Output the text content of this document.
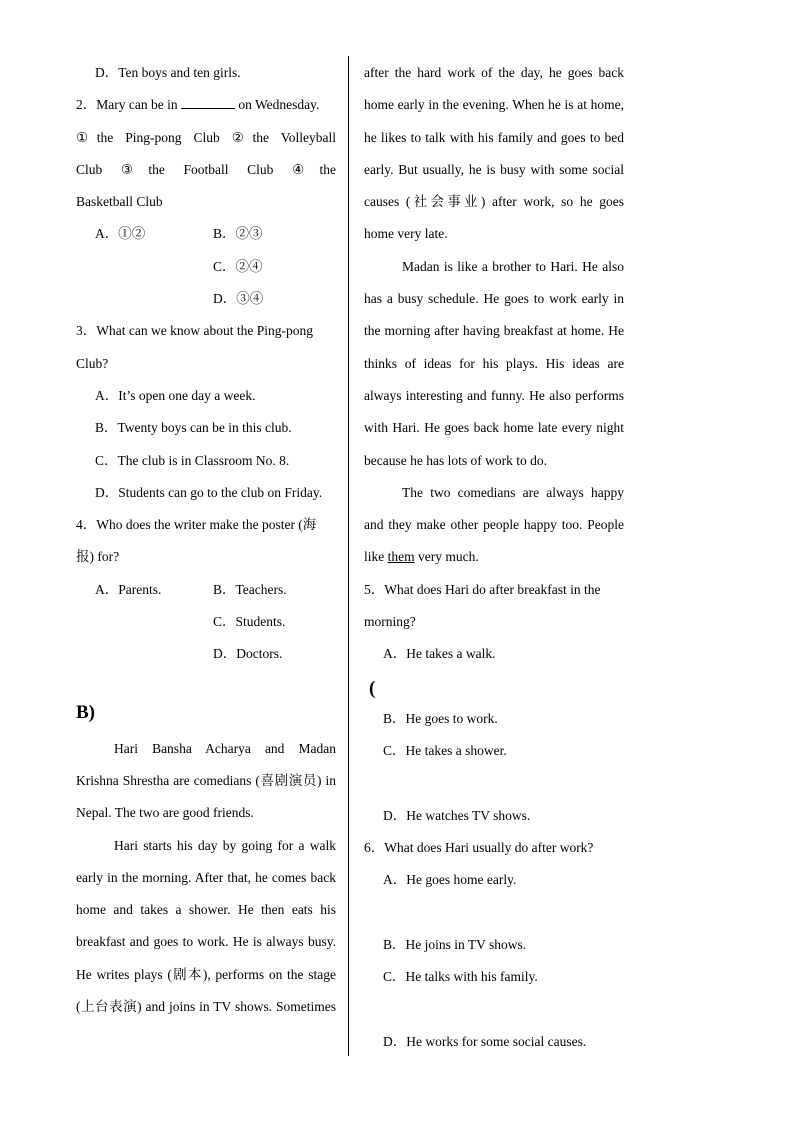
D．Ten boys and ten girls.
2．Mary can be in	on Wednesday.
①the Ping-pong Club ②the Volleyball
Club ③the Football Club ④the
Basketball Club
A．①②	B．②③
C．②④
D．③④
3．What can we know about the Ping-pong
Club?
A．It’s open one day a week.
B．Twenty boys can be in this club.
C．The club is in Classroom No. 8.
D．Students can go to the club on Friday.
4．Who does the writer make the poster (海
报) for?
A．Parents.	B．Teachers.
C．Students.
D．Doctors.
B)
Hari Bansha Acharya and Madan
Krishna Shrestha are comedians (喜剧演员) in
Nepal. The two are good friends.
Hari starts his day by going for a walk
early in the morning. After that, he comes back
home and takes a shower. He then eats his
breakfast and goes to work. He is always busy.
He writes plays (剧本), performs on the stage
(上台表演) and joins in TV shows. Sometimes
after the hard work of the day, he goes back
home early in the evening. When he is at home,
he likes to talk with his family and goes to bed
early. But usually, he is busy with some social
causes (社会事业) after work, so he goes
home very late.
Madan is like a brother to Hari. He also
has a busy schedule. He goes to work early in
the morning after having breakfast at home. He
thinks of ideas for his plays. His ideas are
always interesting and funny. He also performs
with Hari. He goes back home late every night
because he has lots of work to do.
The two comedians are always happy
and they make other people happy too. People
like them very much.
5．What does Hari do after breakfast in the
morning?
A．He takes a walk.
(
B．He goes to work.
C．He takes a shower.
D．He watches TV shows.
6．What does Hari usually do after work?
A．He goes home early.
B．He joins in TV shows.
C．He talks with his family.
D．He works for some social causes.
